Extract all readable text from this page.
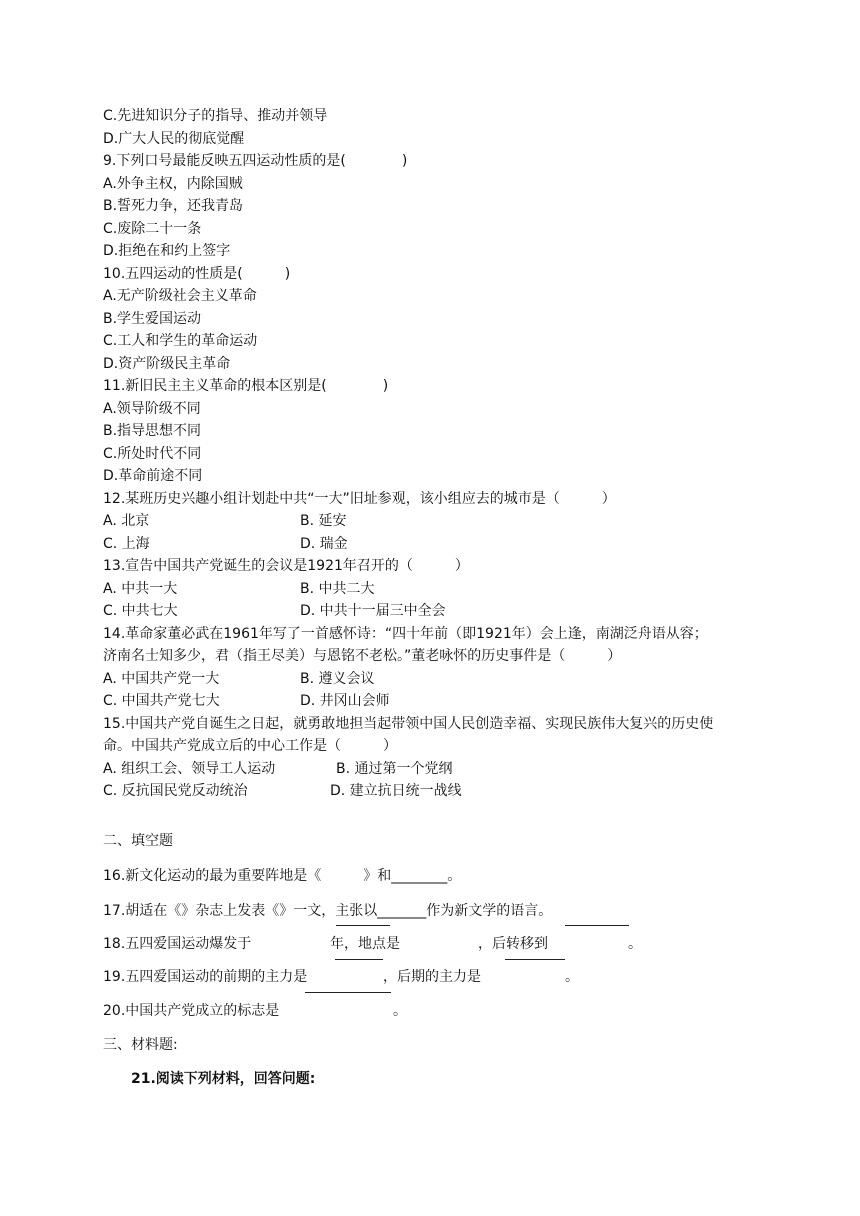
C.先进知识分子的指导、推动并领导
D.广大人民的彻底觉醒
9.下列口号最能反映五四运动性质的是(　　　　)
A.外争主权，内除国贼
B.誓死力争，还我青岛
C.废除二十一条
D.拒绝在和约上签字
10.五四运动的性质是(　　　)
A.无产阶级社会主义革命
B.学生爱国运动
C.工人和学生的革命运动
D.资产阶级民主革命
11.新旧民主主义革命的根本区别是(　　　　)
A.领导阶级不同
B.指导思想不同
C.所处时代不同
D.革命前途不同
12.某班历史兴趣小组计划赴中共“一大”旧址参观，该小组应去的城市是（　　　）
A. 北京	B. 延安
C. 上海	D. 瑞金
13.宣告中国共产党诞生的会议是1921年召开的（　　　）
A. 中共一大	B. 中共二大
C. 中共七大	D. 中共十一届三中全会
14.革命家董必武在1961年写了一首感怀诗：“四十年前（即1921年）会上逢，南湖泛舟语从容；
济南名士知多少，君（指王尽美）与恩铭不老松。”董老咏怀的历史事件是（　　　）
A. 中国共产党一大	B. 遵义会议
C. 中国共产党七大	D. 井冈山会师
15.中国共产党自诞生之日起，就勇敢地担当起带领中国人民创造幸福、实现民族伟大复兴的历史使
命。中国共产党成立后的中心工作是（　　　）
A. 组织工会、领导工人运动	B. 通过第一个党纲
C. 反抗国民党反动统治	D. 建立抗日统一战线
二、填空题
16.新文化运动的最为重要阵地是《　　　》和________。
17.胡适在《》杂志上发表《》一文，主张以_______作为新文学的语言。
18.五四爱国运动爆发于	年，地点是	，后转移到	。
19.五四爱国运动的前期的主力是	，后期的主力是	。
20.中国共产党成立的标志是	。
三、材料题:
21.阅读下列材料，回答问题:
